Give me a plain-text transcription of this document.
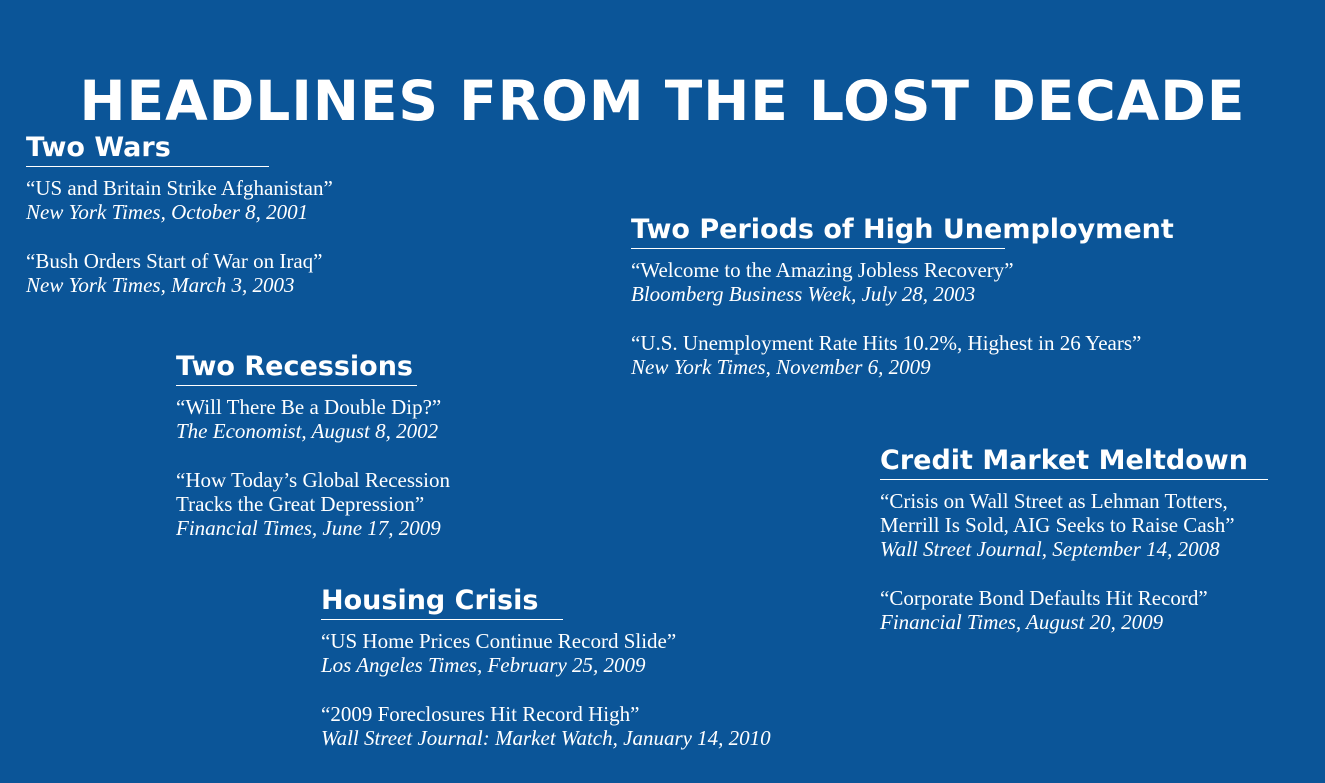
HEADLINES FROM THE LOST DECADE
Two Wars
“US and Britain Strike Afghanistan”
New York Times, October 8, 2001
“Bush Orders Start of War on Iraq”
New York Times, March 3, 2003
Two Recessions
“Will There Be a Double Dip?”
The Economist, August 8, 2002
“How Today’s Global Recession
Tracks the Great Depression”
Financial Times, June 17, 2009
Housing Crisis
“US Home Prices Continue Record Slide”
Los Angeles Times, February 25, 2009
“2009 Foreclosures Hit Record High”
Wall Street Journal: Market Watch, January 14, 2010
Two Periods of High Unemployment
“Welcome to the Amazing Jobless Recovery”
Bloomberg Business Week, July 28, 2003
“U.S. Unemployment Rate Hits 10.2%, Highest in 26 Years”
New York Times, November 6, 2009
Credit Market Meltdown
“Crisis on Wall Street as Lehman Totters,
Merrill Is Sold, AIG Seeks to Raise Cash”
Wall Street Journal, September 14, 2008
“Corporate Bond Defaults Hit Record”
Financial Times, August 20, 2009
